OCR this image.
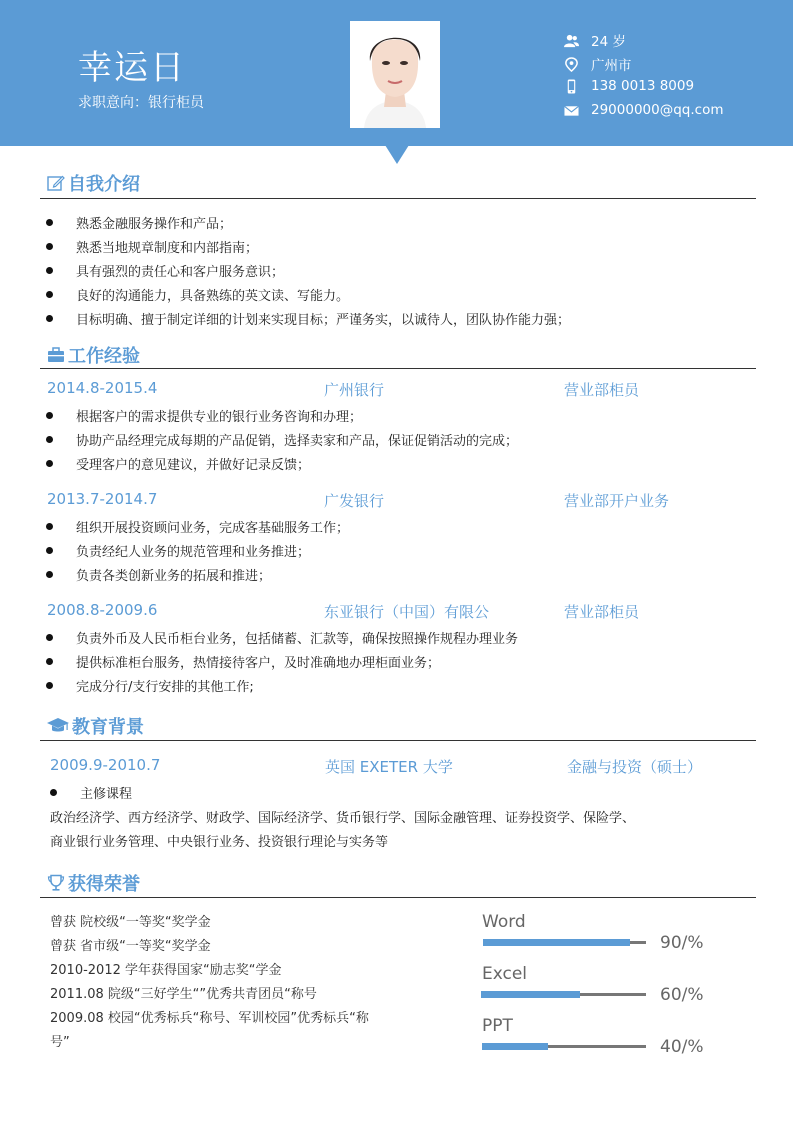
幸运日
求职意向：银行柜员
24 岁
广州市
138 0013 8009
29000000@qq.com
自我介绍
熟悉金融服务操作和产品；
熟悉当地规章制度和内部指南；
具有强烈的责任心和客户服务意识；
良好的沟通能力，具备熟练的英文读、写能力。
目标明确、擅于制定详细的计划来实现目标；严谨务实，以诚待人，团队协作能力强；
工作经验
2014.8-2015.4	广州银行	营业部柜员
根据客户的需求提供专业的银行业务咨询和办理；
协助产品经理完成每期的产品促销，选择卖家和产品，保证促销活动的完成；
受理客户的意见建议，并做好记录反馈；
2013.7-2014.7	广发银行	营业部开户业务
组织开展投资顾问业务，完成客基础服务工作；
负责经纪人业务的规范管理和业务推进；
负责各类创新业务的拓展和推进；
2008.8-2009.6	东亚银行（中国）有限公	营业部柜员
负责外币及人民币柜台业务，包括储蓄、汇款等，确保按照操作规程办理业务
提供标准柜台服务，热情接待客户，及时准确地办理柜面业务；
完成分行/支行安排的其他工作;
教育背景
2009.9-2010.7	英国 EXETER 大学	金融与投资（硕士）
主修课程
政治经济学、西方经济学、财政学、国际经济学、货币银行学、国际金融管理、证券投资学、保险学、
商业银行业务管理、中央银行业务、投资银行理论与实务等
获得荣誉
曾获 院校级“一等奖“奖学金
曾获 省市级“一等奖“奖学金
2010-2012 学年获得国家“励志奖“学金
2011.08 院级“三好学生“”优秀共青团员“称号
2009.08 校园“优秀标兵“称号、军训校园”优秀标兵“称
号”
Word
90/%
Excel
60/%
PPT
40/%
